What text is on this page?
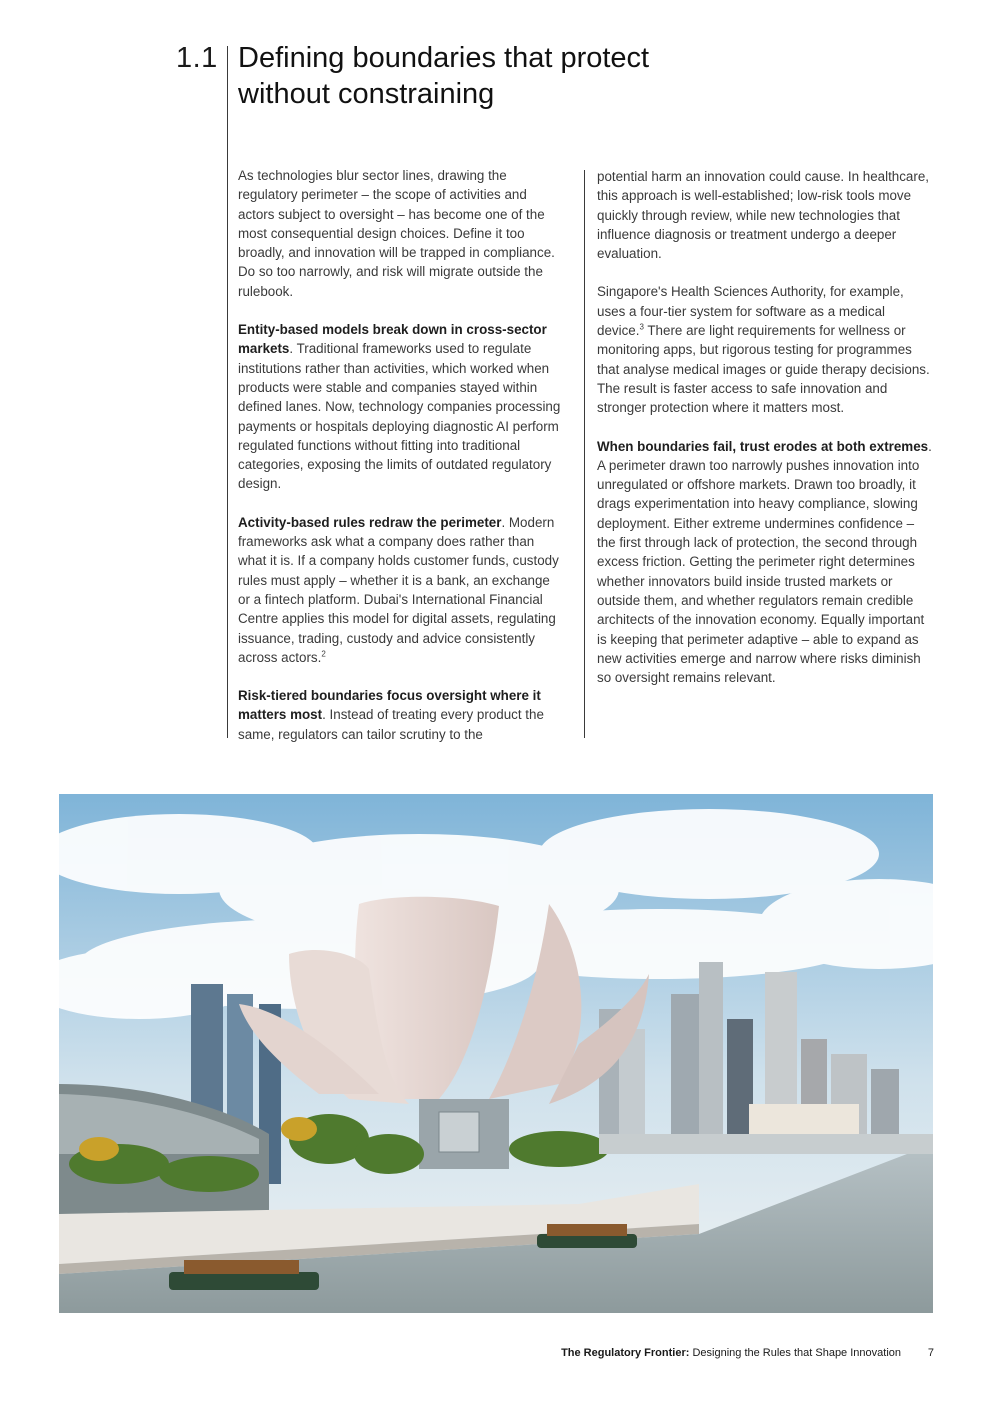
1.1 Defining boundaries that protect
without constraining

As technologies blur sector lines, drawing the regulatory perimeter – the scope of activities and actors subject to oversight – has become one of the most consequential design choices. Define it too broadly, and innovation will be trapped in compliance. Do so too narrowly, and risk will migrate outside the rulebook.

Entity-based models break down in cross-sector markets. Traditional frameworks used to regulate institutions rather than activities, which worked when products were stable and companies stayed within defined lanes. Now, technology companies processing payments or hospitals deploying diagnostic AI perform regulated functions without fitting into traditional categories, exposing the limits of outdated regulatory design.

Activity-based rules redraw the perimeter. Modern frameworks ask what a company does rather than what it is. If a company holds customer funds, custody rules must apply – whether it is a bank, an exchange or a fintech platform. Dubai's International Financial Centre applies this model for digital assets, regulating issuance, trading, custody and advice consistently across actors.$^2$

Risk-tiered boundaries focus oversight where it matters most. Instead of treating every product the same, regulators can tailor scrutiny to the

potential harm an innovation could cause. In healthcare, this approach is well-established; low-risk tools move quickly through review, while new technologies that influence diagnosis or treatment undergo a deeper evaluation.

Singapore's Health Sciences Authority, for example, uses a four-tier system for software as a medical device.$^3$ There are light requirements for wellness or monitoring apps, but rigorous testing for programmes that analyse medical images or guide therapy decisions. The result is faster access to safe innovation and stronger protection where it matters most.

When boundaries fail, trust erodes at both extremes. A perimeter drawn too narrowly pushes innovation into unregulated or offshore markets. Drawn too broadly, it drags experimentation into heavy compliance, slowing deployment. Either extreme undermines confidence – the first through lack of protection, the second through excess friction. Getting the perimeter right determines whether innovators build inside trusted markets or outside them, and whether regulators remain credible architects of the innovation economy. Equally important is keeping that perimeter adaptive – able to expand as new activities emerge and narrow where risks diminish so oversight remains relevant.

The Regulatory Frontier: Designing the Rules that Shape Innovation 7
